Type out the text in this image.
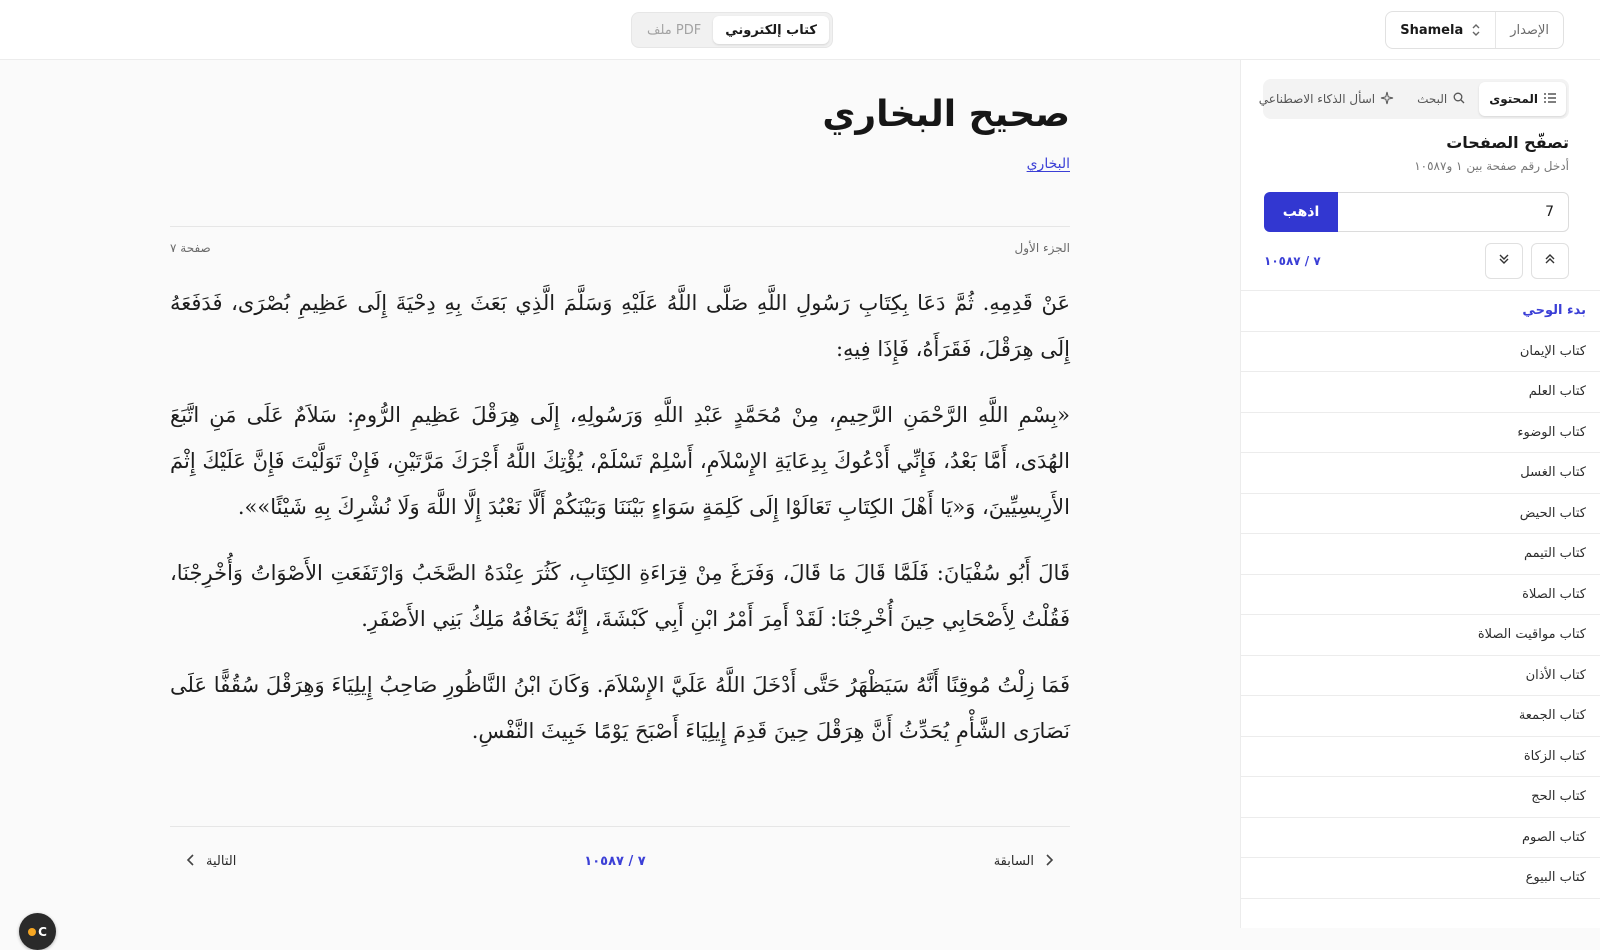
الإصدار
Shamela
كتاب إلكتروني
ملف PDF
صحيح البخاري
البخاري
الجزء الأول
صفحة ٧

عَنْ قَدِمِهِ. ثُمَّ دَعَا بِكِتَابِ رَسُولِ اللَّهِ صَلَّى اللَّهُ عَلَيْهِ وَسَلَّمَ الَّذِي بَعَثَ بِهِ دِحْيَةَ إِلَى عَظِيمِ بُصْرَى، فَدَفَعَهُ إِلَى هِرَقْلَ، فَقَرَأَهُ، فَإِذَا فِيهِ:

«بِسْمِ اللَّهِ الرَّحْمَنِ الرَّحِيمِ، مِنْ مُحَمَّدٍ عَبْدِ اللَّهِ وَرَسُولِهِ، إِلَى هِرَقْلَ عَظِيمِ الرُّومِ: سَلاَمٌ عَلَى مَنِ اتَّبَعَ الهُدَى، أَمَّا بَعْدُ، فَإِنِّي أَدْعُوكَ بِدِعَايَةِ الإِسْلاَمِ، أَسْلِمْ تَسْلَمْ، يُؤْتِكَ اللَّهُ أَجْرَكَ مَرَّتَيْنِ، فَإِنْ تَوَلَّيْتَ فَإِنَّ عَلَيْكَ إِثْمَ الأَرِيسِيِّينَ، وَ«يَا أَهْلَ الكِتَابِ تَعَالَوْا إِلَى كَلِمَةٍ سَوَاءٍ بَيْنَنَا وَبَيْنَكُمْ أَلَّا نَعْبُدَ إِلَّا اللَّهَ وَلَا نُشْرِكَ بِهِ شَيْئًا»».

قَالَ أَبُو سُفْيَانَ: فَلَمَّا قَالَ مَا قَالَ، وَفَرَغَ مِنْ قِرَاءَةِ الكِتَابِ، كَثُرَ عِنْدَهُ الصَّخَبُ وَارْتَفَعَتِ الأَصْوَاتُ وَأُخْرِجْنَا، فَقُلْتُ لِأَصْحَابِي حِينَ أُخْرِجْنَا: لَقَدْ أَمِرَ أَمْرُ ابْنِ أَبِي كَبْشَةَ، إِنَّهُ يَخَافُهُ مَلِكُ بَنِي الأَصْفَرِ.

فَمَا زِلْتُ مُوقِنًا أَنَّهُ سَيَظْهَرُ حَتَّى أَدْخَلَ اللَّهُ عَلَيَّ الإِسْلاَمَ. وَكَانَ ابْنُ النَّاظُورِ صَاحِبُ إِيلِيَاءَ وَهِرَقْلَ سُقُفًّا عَلَى نَصَارَى الشَّأْمِ يُحَدِّثُ أَنَّ هِرَقْلَ حِينَ قَدِمَ إِيلِيَاءَ أَصْبَحَ يَوْمًا خَبِيثَ النَّفْسِ.

السابقة
٧ / ١٠٥٨٧
التالية
C
المحتوى
البحث
اسأل الذكاء الاصطناعي
تصفّح الصفحات
أدخل رقم صفحة بين ١ و١٠٥٨٧
7
اذهب
٧ / ١٠٥٨٧
بدء الوحي
كتاب الإيمان
كتاب العلم
كتاب الوضوء
كتاب الغسل
كتاب الحيض
كتاب التيمم
كتاب الصلاة
كتاب مواقيت الصلاة
كتاب الأذان
كتاب الجمعة
كتاب الزكاة
كتاب الحج
كتاب الصوم
كتاب البيوع
